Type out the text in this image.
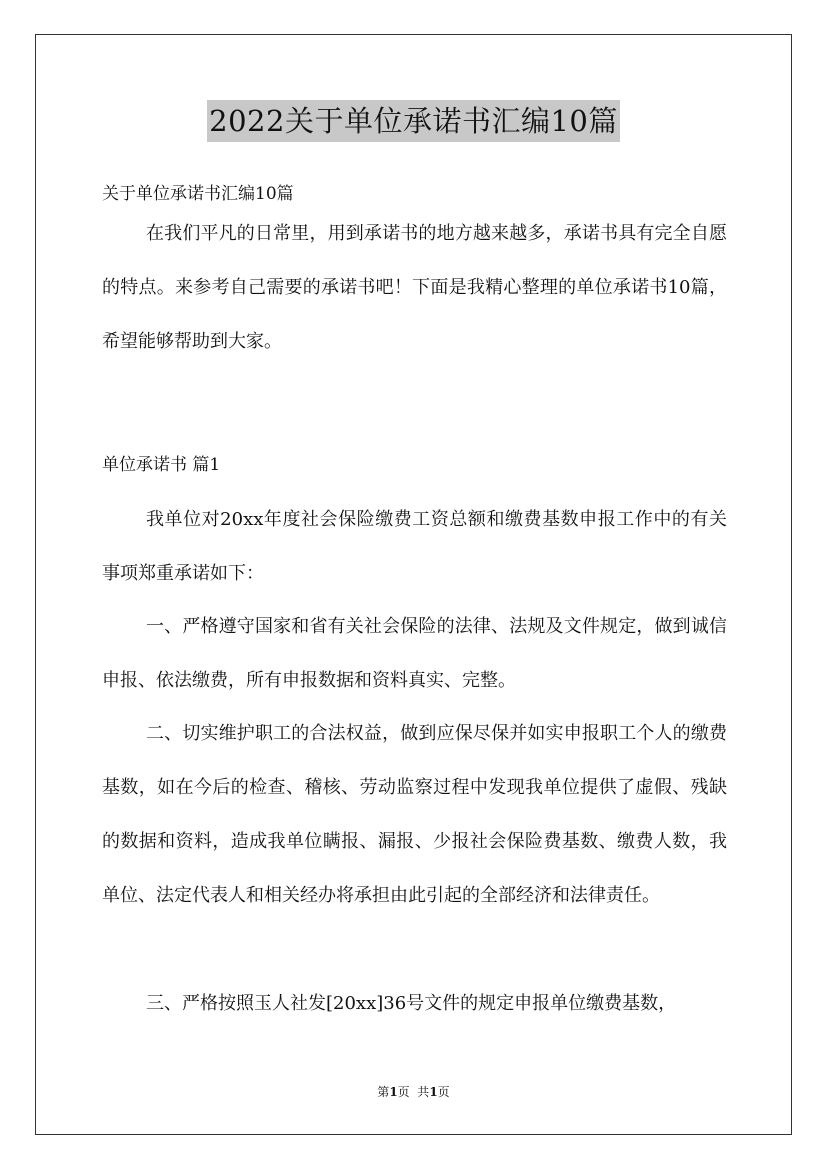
2022关于单位承诺书汇编10篇
关于单位承诺书汇编10篇

在我们平凡的日常里，用到承诺书的地方越来越多，承诺书具有完全自愿的特点。来参考自己需要的承诺书吧！下面是我精心整理的单位承诺书10篇，希望能够帮助到大家。

单位承诺书 篇1

我单位对20xx年度社会保险缴费工资总额和缴费基数申报工作中的有关事项郑重承诺如下：

一、严格遵守国家和省有关社会保险的法律、法规及文件规定，做到诚信申报、依法缴费，所有申报数据和资料真实、完整。

二、切实维护职工的合法权益，做到应保尽保并如实申报职工个人的缴费基数，如在今后的检查、稽核、劳动监察过程中发现我单位提供了虚假、残缺的数据和资料，造成我单位瞒报、漏报、少报社会保险费基数、缴费人数，我单位、法定代表人和相关经办将承担由此引起的全部经济和法律责任。

三、严格按照玉人社发[20xx]36号文件的规定申报单位缴费基数，

第1页  共1页
